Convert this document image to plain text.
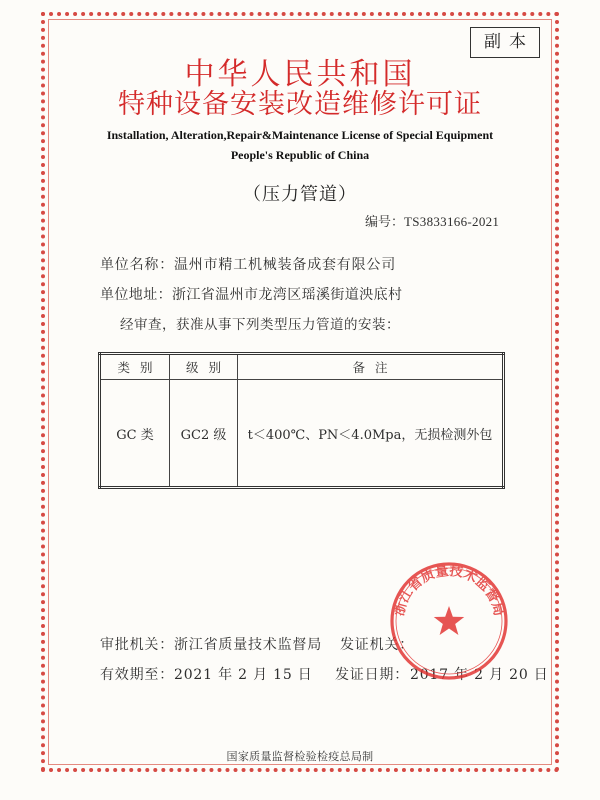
副本
中华人民共和国
特种设备安装改造维修许可证
Installation, Alteration,Repair&Maintenance License of Special Equipment
People's Republic of China
（压力管道）
编号：TS3833166-2021
单位名称：温州市精工机械装备成套有限公司
单位地址：浙江省温州市龙湾区瑶溪街道泱底村
经审查，获准从事下列类型压力管道的安装：
类别	级别	备注
GC 类	GC2 级	t＜400℃、PN＜4.0Mpa，无损检测外包
审批机关：浙江省质量技术监督局 发证机关：
有效期至：2021 年 2 月 15 日 发证日期： 2017 年 2 月 20 日
浙江省质量技术监督局
国家质量监督检验检疫总局制
